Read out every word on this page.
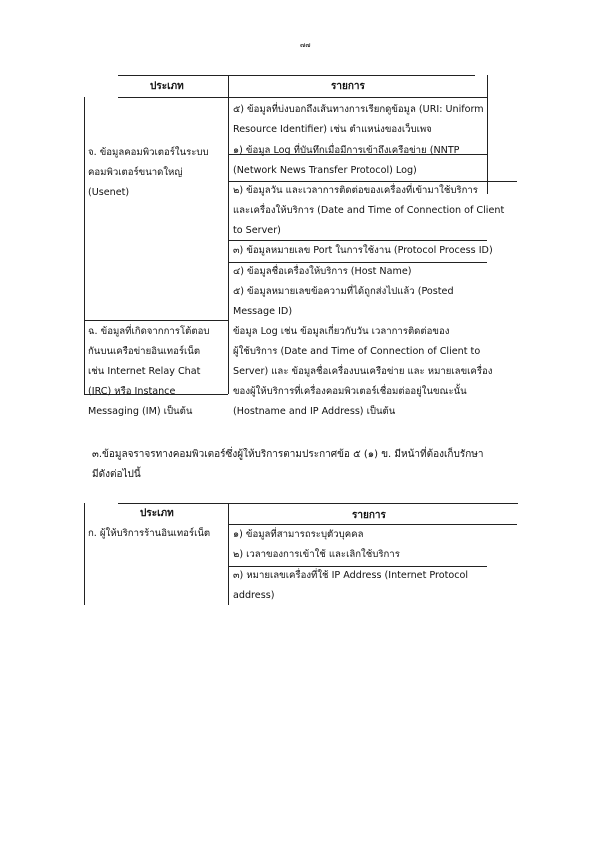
๗๗
ประเภท	รายการ
จ. ข้อมูลคอมพิวเตอร์ในระบบ
คอมพิวเตอร์ขนาดใหญ่
(Usenet)
๕) ข้อมูลที่บ่งบอกถึงเส้นทางการเรียกดูข้อมูล (URI: Uniform
Resource Identifier) เช่น ตำแหน่งของเว็บเพจ
๑) ข้อมูล Log ที่บันทึกเมื่อมีการเข้าถึงเครือข่าย (NNTP
(Network News Transfer Protocol) Log)
๒) ข้อมูลวัน และเวลาการติดต่อของเครื่องที่เข้ามาใช้บริการ
และเครื่องให้บริการ (Date and Time of Connection of Client
to Server)
๓) ข้อมูลหมายเลข Port ในการใช้งาน (Protocol Process ID)
๔) ข้อมูลชื่อเครื่องให้บริการ (Host Name)
๕) ข้อมูลหมายเลขข้อความที่ได้ถูกส่งไปแล้ว (Posted
Message ID)
ฉ. ข้อมูลที่เกิดจากการโต้ตอบ
กันบนเครือข่ายอินเทอร์เน็ต
เช่น Internet Relay Chat
(IRC) หรือ Instance
Messaging (IM) เป็นต้น
ข้อมูล Log เช่น ข้อมูลเกี่ยวกับวัน เวลาการติดต่อของ
ผู้ใช้บริการ (Date and Time of Connection of Client to
Server) และ ข้อมูลชื่อเครื่องบนเครือข่าย และ หมายเลขเครื่อง
ของผู้ให้บริการที่เครื่องคอมพิวเตอร์เชื่อมต่ออยู่ในขณะนั้น
(Hostname and IP Address) เป็นต้น
๓.ข้อมูลจราจรทางคอมพิวเตอร์ซึ่งผู้ให้บริการตามประกาศข้อ ๕ (๑) ข. มีหน้าที่ต้องเก็บรักษา
มีดังต่อไปนี้
ประเภท	รายการ
ก. ผู้ให้บริการร้านอินเทอร์เน็ต ๑) ข้อมูลที่สามารถระบุตัวบุคคล
๒) เวลาของการเข้าใช้ และเลิกใช้บริการ
๓) หมายเลขเครื่องที่ใช้ IP Address (Internet Protocol
address)
